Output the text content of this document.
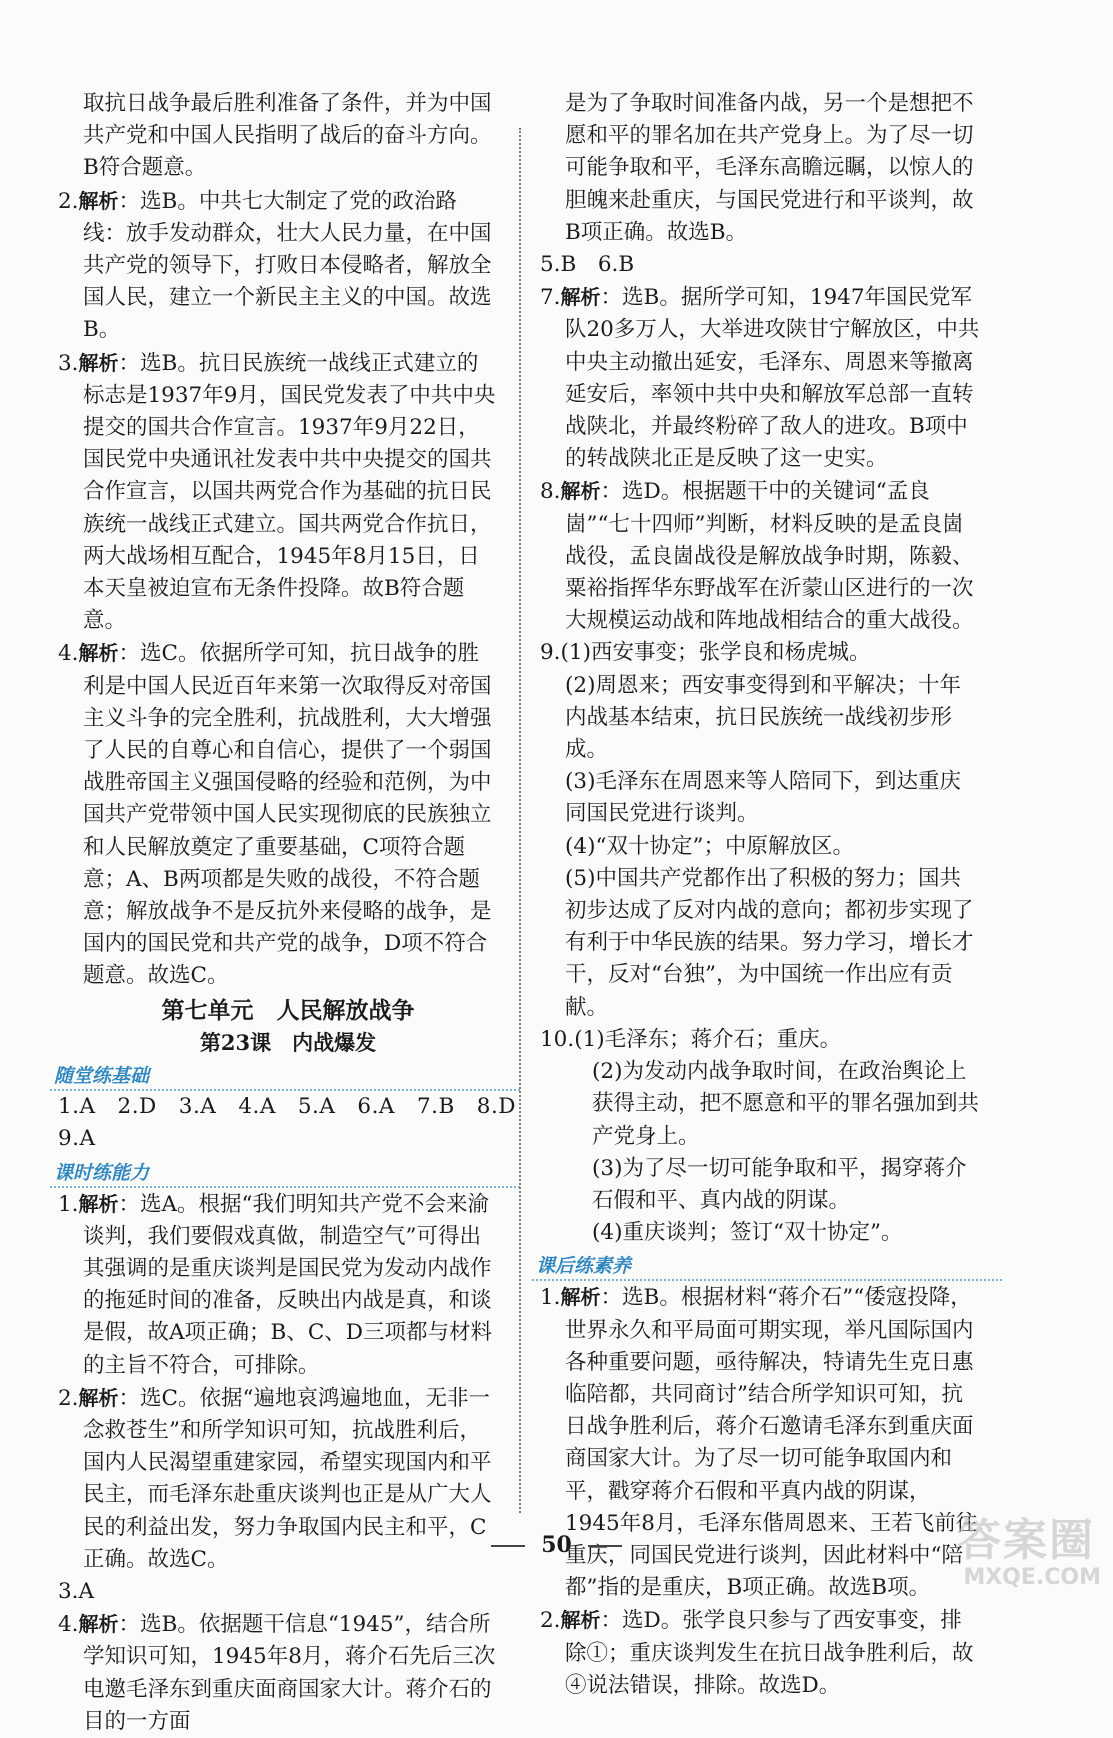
取抗日战争最后胜利准备了条件，并为中国共产党和中国人民指明了战后的奋斗方向。B符合题意。

2.解析：选B。中共七大制定了党的政治路线：放手发动群众，壮大人民力量，在中国共产党的领导下，打败日本侵略者，解放全国人民，建立一个新民主主义的中国。故选B。

3.解析：选B。抗日民族统一战线正式建立的标志是1937年9月，国民党发表了中共中央提交的国共合作宣言。1937年9月22日，国民党中央通讯社发表中共中央提交的国共合作宣言，以国共两党合作为基础的抗日民族统一战线正式建立。国共两党合作抗日，两大战场相互配合，1945年8月15日，日本天皇被迫宣布无条件投降。故B符合题意。

4.解析：选C。依据所学可知，抗日战争的胜利是中国人民近百年来第一次取得反对帝国主义斗争的完全胜利，抗战胜利，大大增强了人民的自尊心和自信心，提供了一个弱国战胜帝国主义强国侵略的经验和范例，为中国共产党带领中国人民实现彻底的民族独立和人民解放奠定了重要基础，C项符合题意；A、B两项都是失败的战役，不符合题意；解放战争不是反抗外来侵略的战争，是国内的国民党和共产党的战争，D项不符合题意。故选C。

第七单元　人民解放战争

第23课　内战爆发

随堂练基础

1.A　2.D　3.A　4.A　5.A　6.A　7.B　8.D

9.A

课时练能力

1.解析：选A。根据“我们明知共产党不会来渝谈判，我们要假戏真做，制造空气”可得出其强调的是重庆谈判是国民党为发动内战作的拖延时间的准备，反映出内战是真，和谈是假，故A项正确；B、C、D三项都与材料的主旨不符合，可排除。

2.解析：选C。依据“遍地哀鸿遍地血，无非一念救苍生”和所学知识可知，抗战胜利后，国内人民渴望重建家园，希望实现国内和平民主，而毛泽东赴重庆谈判也正是从广大人民的利益出发，努力争取国内民主和平，C正确。故选C。

3.A

4.解析：选B。依据题干信息“1945”，结合所学知识可知，1945年8月，蒋介石先后三次电邀毛泽东到重庆面商国家大计。蒋介石的目的一方面

是为了争取时间准备内战，另一个是想把不愿和平的罪名加在共产党身上。为了尽一切可能争取和平，毛泽东高瞻远瞩，以惊人的胆魄来赴重庆，与国民党进行和平谈判，故B项正确。故选B。

5.B　6.B

7.解析：选B。据所学可知，1947年国民党军队20多万人，大举进攻陕甘宁解放区，中共中央主动撤出延安，毛泽东、周恩来等撤离延安后，率领中共中央和解放军总部一直转战陕北，并最终粉碎了敌人的进攻。B项中的转战陕北正是反映了这一史实。

8.解析：选D。根据题干中的关键词“孟良崮”“七十四师”判断，材料反映的是孟良崮战役，孟良崮战役是解放战争时期，陈毅、粟裕指挥华东野战军在沂蒙山区进行的一次大规模运动战和阵地战相结合的重大战役。

9.(1)西安事变；张学良和杨虎城。

(2)周恩来；西安事变得到和平解决；十年内战基本结束，抗日民族统一战线初步形成。

(3)毛泽东在周恩来等人陪同下，到达重庆同国民党进行谈判。

(4)“双十协定”；中原解放区。

(5)中国共产党都作出了积极的努力；国共初步达成了反对内战的意向；都初步实现了有利于中华民族的结果。努力学习，增长才干，反对“台独”，为中国统一作出应有贡献。

10.(1)毛泽东；蒋介石；重庆。

(2)为发动内战争取时间，在政治舆论上获得主动，把不愿意和平的罪名强加到共产党身上。

(3)为了尽一切可能争取和平，揭穿蒋介石假和平、真内战的阴谋。

(4)重庆谈判；签订“双十协定”。

课后练素养

1.解析：选B。根据材料“蒋介石”“倭寇投降，世界永久和平局面可期实现，举凡国际国内各种重要问题，亟待解决，特请先生克日惠临陪都，共同商讨”结合所学知识可知，抗日战争胜利后，蒋介石邀请毛泽东到重庆面商国家大计。为了尽一切可能争取国内和平，戳穿蒋介石假和平真内战的阴谋，1945年8月，毛泽东偕周恩来、王若飞前往重庆，同国民党进行谈判，因此材料中“陪都”指的是重庆，B项正确。故选B项。

2.解析：选D。张学良只参与了西安事变，排除①；重庆谈判发生在抗日战争胜利后，故④说法错误，排除。故选D。

50	答案圈
MXQE.COM
